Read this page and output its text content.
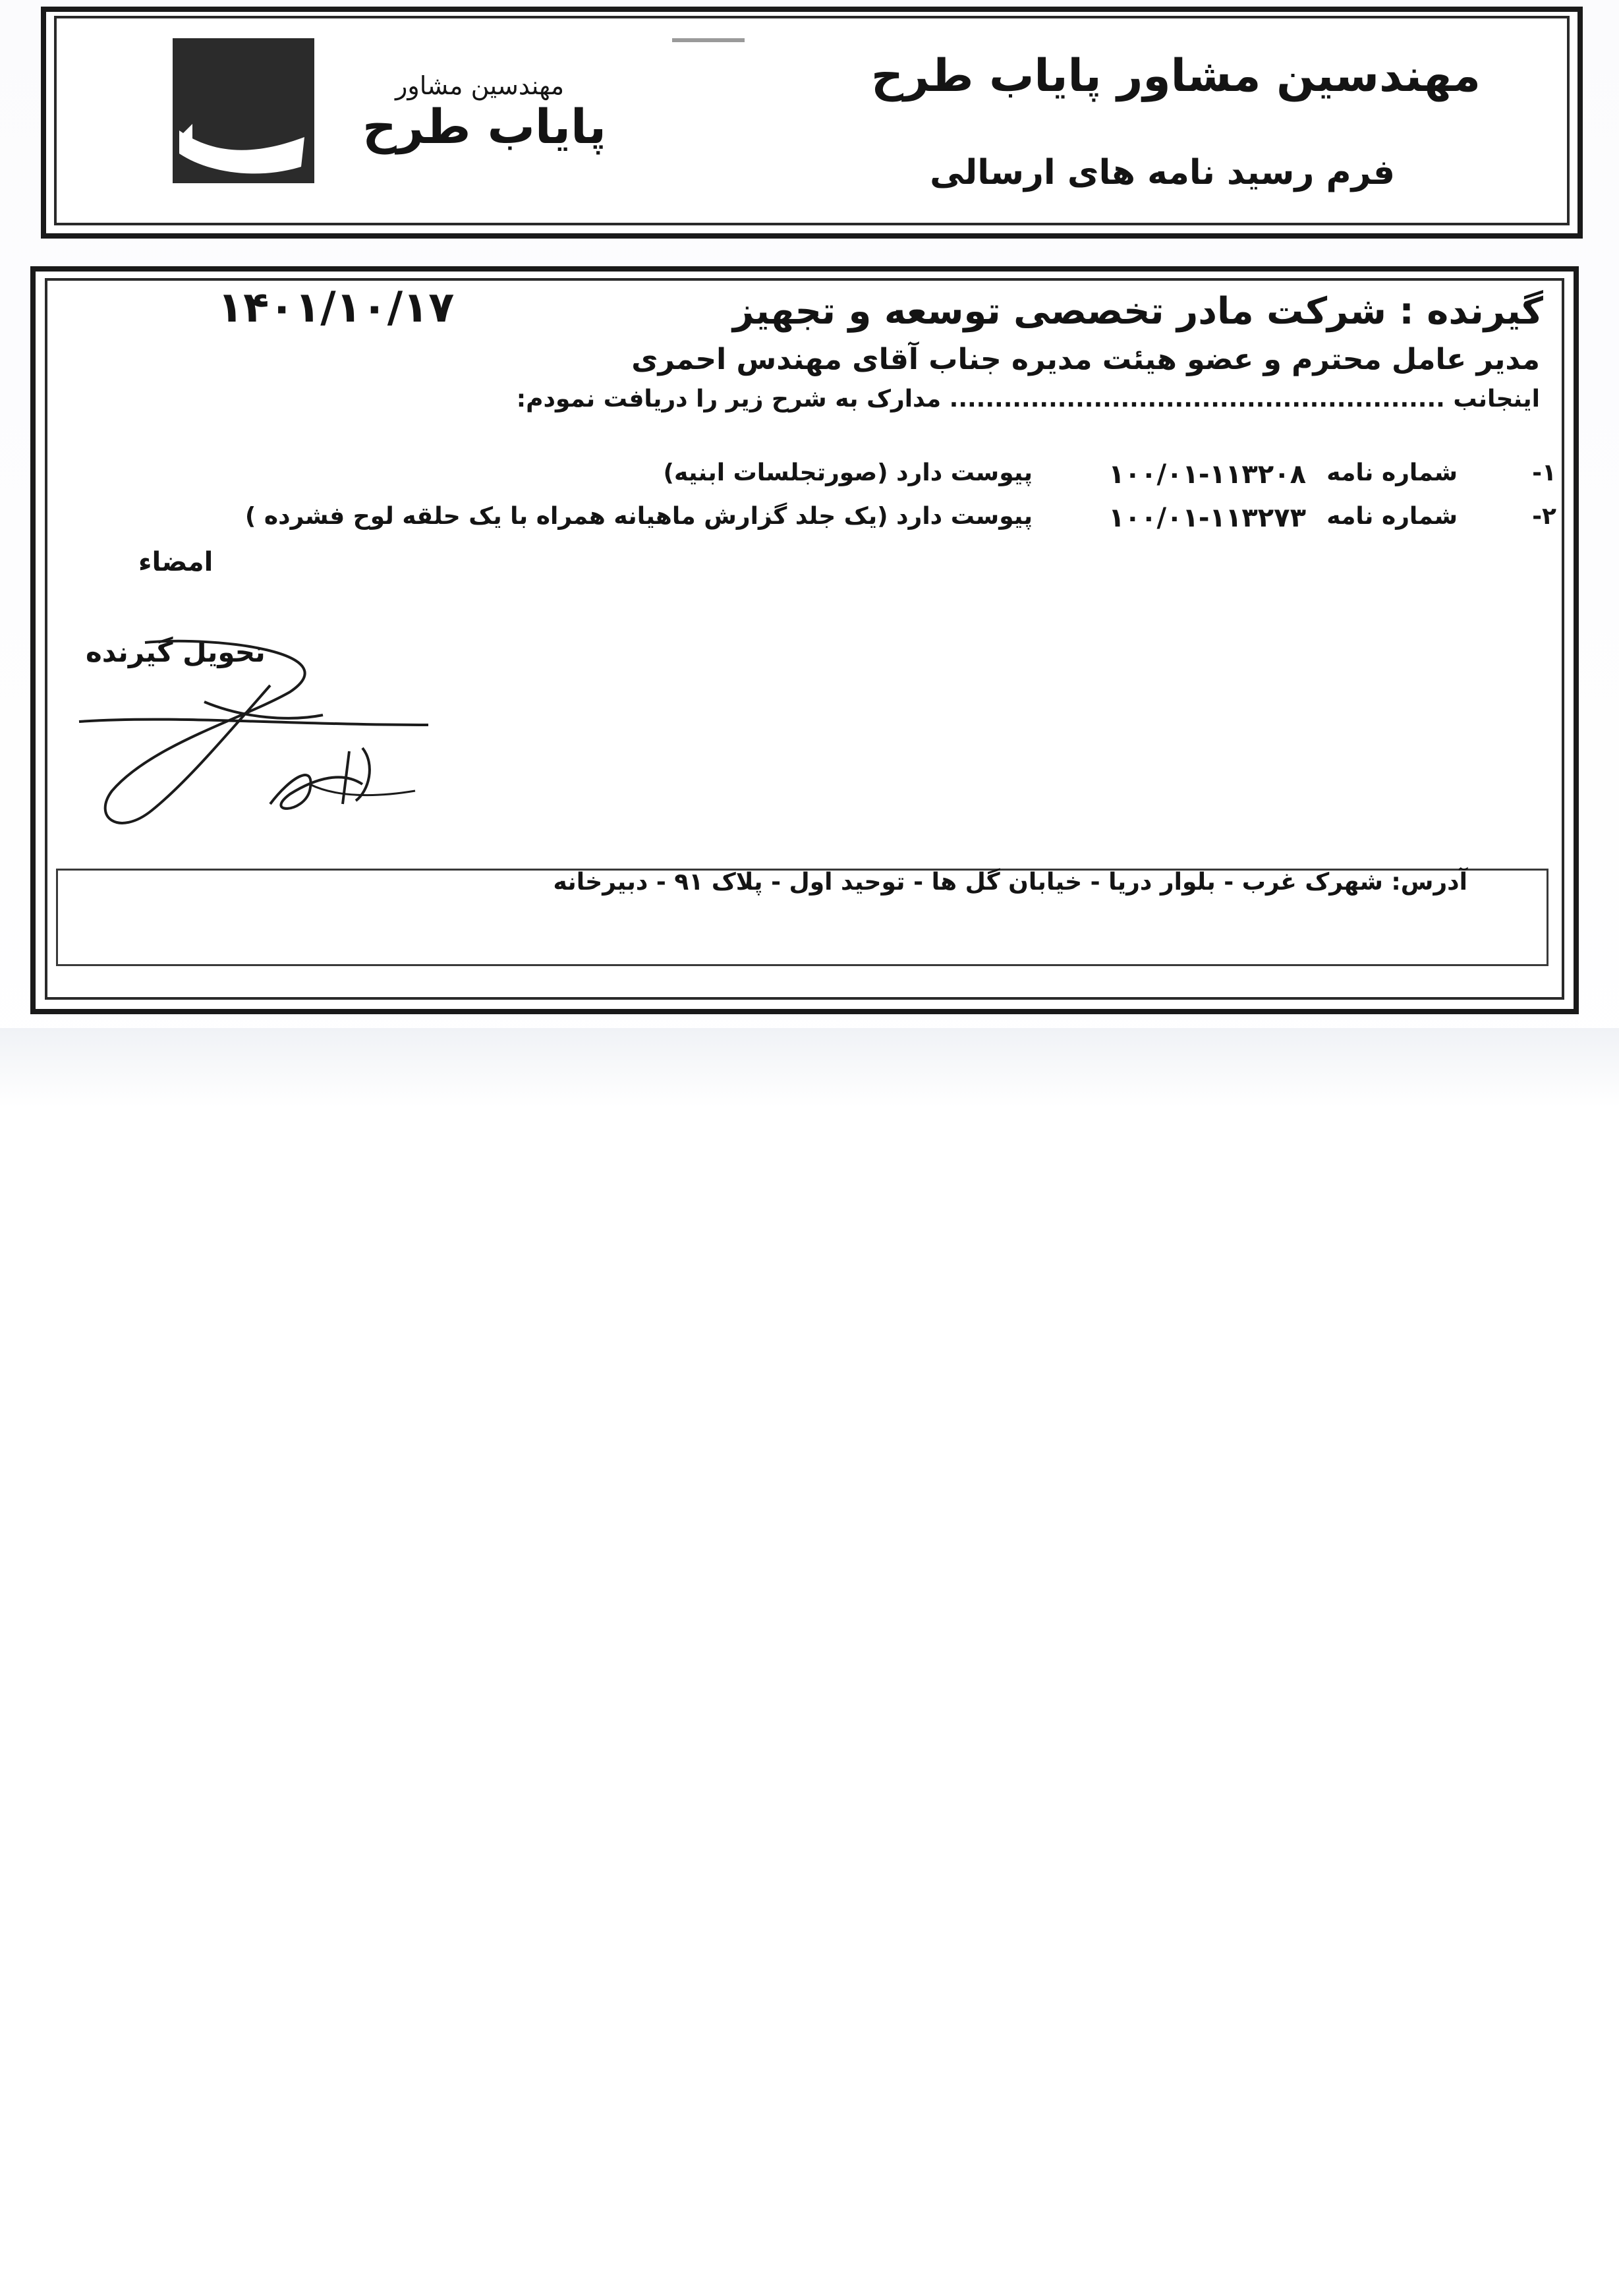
مهندسین مشاور
پایاب طرح
مهندسین مشاور پایاب طرح
فرم رسید نامه های ارسالی
گیرنده : شرکت مادر تخصصی توسعه و تجهیز
۱۴۰۱/۱۰/۱۷
مدیر عامل محترم و عضو هیئت مدیره جناب آقای مهندس احمری
اینجانب ....................................................... مدارک به شرح زیر را دریافت نمودم:
۱-
شماره نامه
۱۰۰/۰۱-۱۱۳۲۰۸
پیوست دارد (صورتجلسات ابنیه)
۲-
شماره نامه
۱۰۰/۰۱-۱۱۳۲۷۳
پیوست دارد (یک جلد گزارش ماهیانه همراه با یک حلقه لوح فشرده )
امضاء
تحویل گیرنده
آدرس: شهرک غرب - بلوار دریا - خیابان گل ها - توحید اول - پلاک ۹۱ - دبیرخانه
